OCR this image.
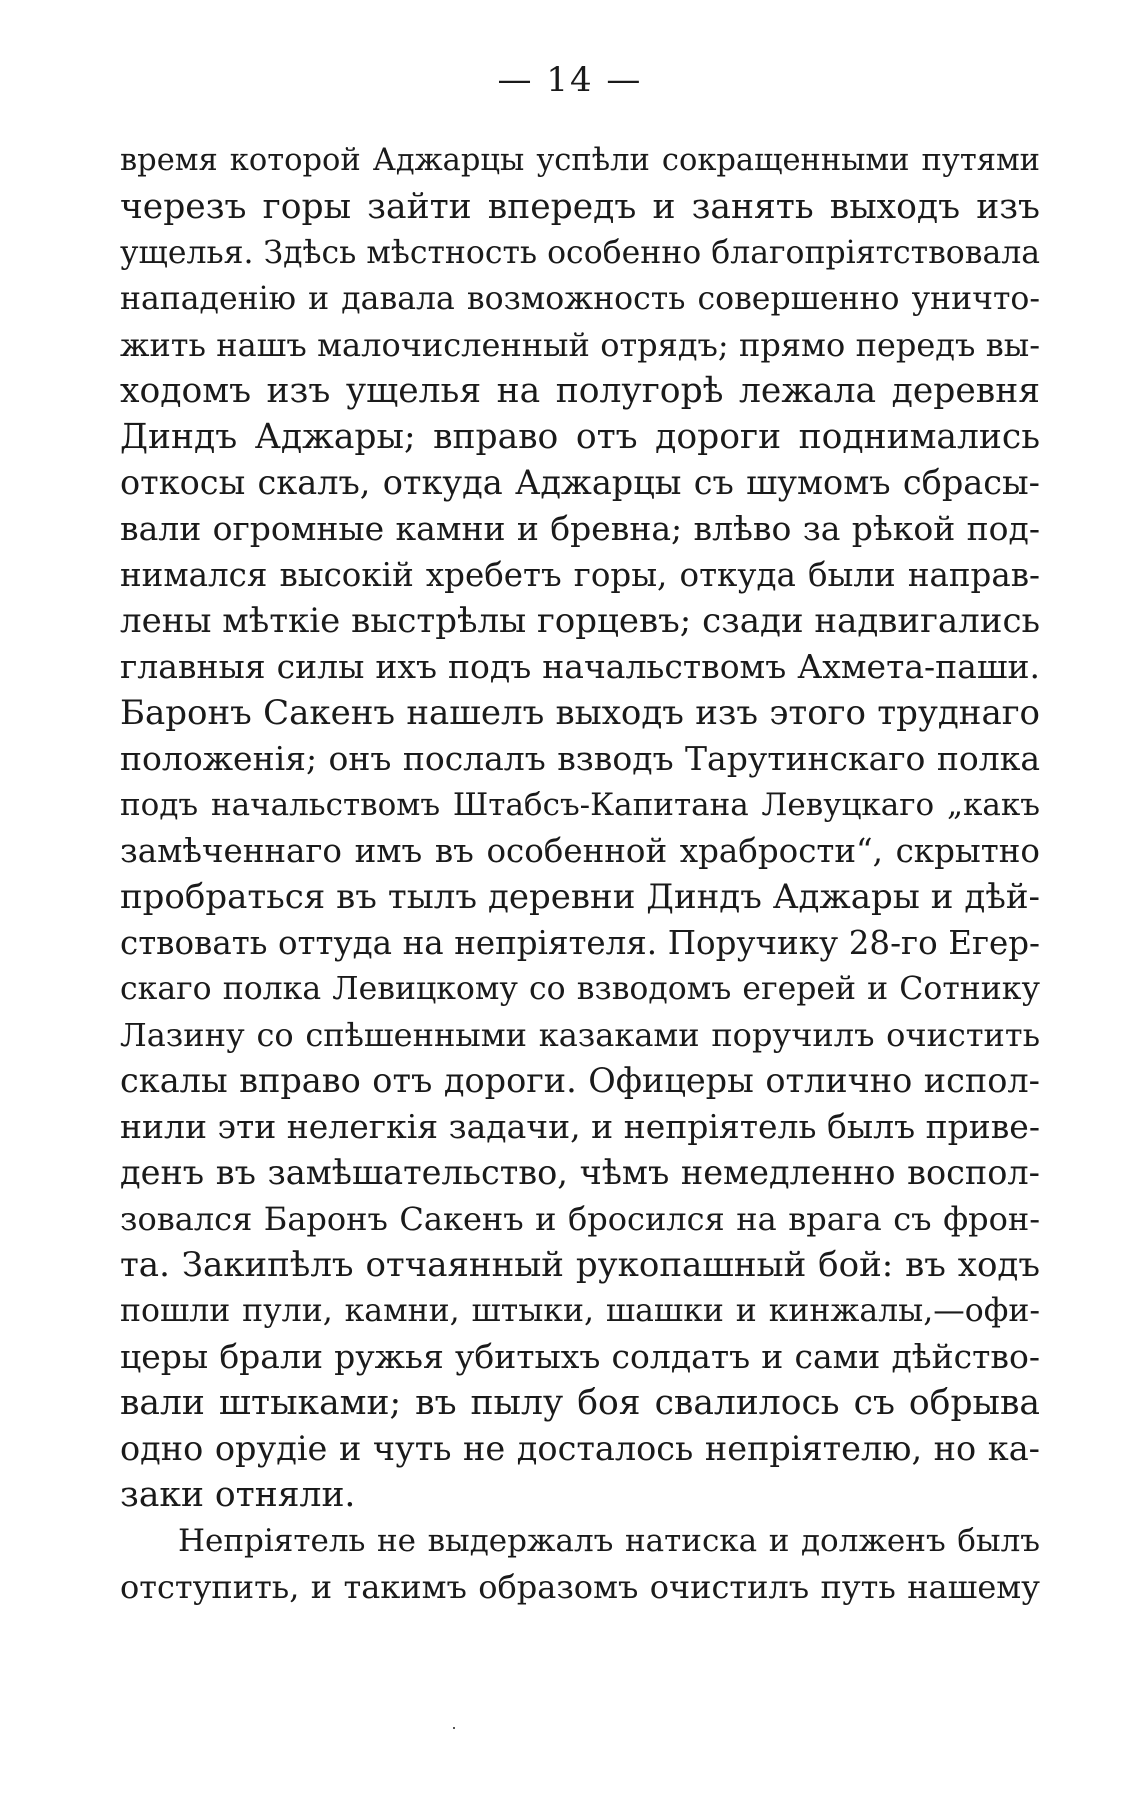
— 14 —
время которой Аджарцы успѣли сокращенными путями
черезъ горы зайти впередъ и занять выходъ изъ
ущелья. Здѣсь мѣстность особенно благопріятствовала
нападенію и давала возможность совершенно уничто-
жить нашъ малочисленный отрядъ; прямо передъ вы-
ходомъ изъ ущелья на полугорѣ лежала деревня
Диндъ Аджары; вправо отъ дороги поднимались
откосы скалъ, откуда Аджарцы съ шумомъ сбрасы-
вали огромные камни и бревна; влѣво за рѣкой под-
нимался высокій хребетъ горы, откуда были направ-
лены мѣткіе выстрѣлы горцевъ; сзади надвигались
главныя силы ихъ подъ начальствомъ Ахмета-паши.
Баронъ Сакенъ нашелъ выходъ изъ этого труднаго
положенія; онъ послалъ взводъ Тарутинскаго полка
подъ начальствомъ Штабсъ-Капитана Левуцкаго „какъ
замѣченнаго имъ въ особенной храбрости“, скрытно
пробраться въ тылъ деревни Диндъ Аджары и дѣй-
ствовать оттуда на непріятеля. Поручику 28-го Егер-
скаго полка Левицкому со взводомъ егерей и Сотнику
Лазину со спѣшенными казаками поручилъ очистить
скалы вправо отъ дороги. Офицеры отлично испол-
нили эти нелегкія задачи, и непріятель былъ приве-
денъ въ замѣшательство, чѣмъ немедленно воспол-
зовался Баронъ Сакенъ и бросился на врага съ фрон-
та. Закипѣлъ отчаянный рукопашный бой: въ ходъ
пошли пули, камни, штыки, шашки и кинжалы,—офи-
церы брали ружья убитыхъ солдатъ и сами дѣйство-
вали штыками; въ пылу боя свалилось съ обрыва
одно орудіе и чуть не досталось непріятелю, но ка-
заки отняли.
Непріятель не выдержалъ натиска и долженъ былъ
отступить, и такимъ образомъ очистилъ путь нашему
